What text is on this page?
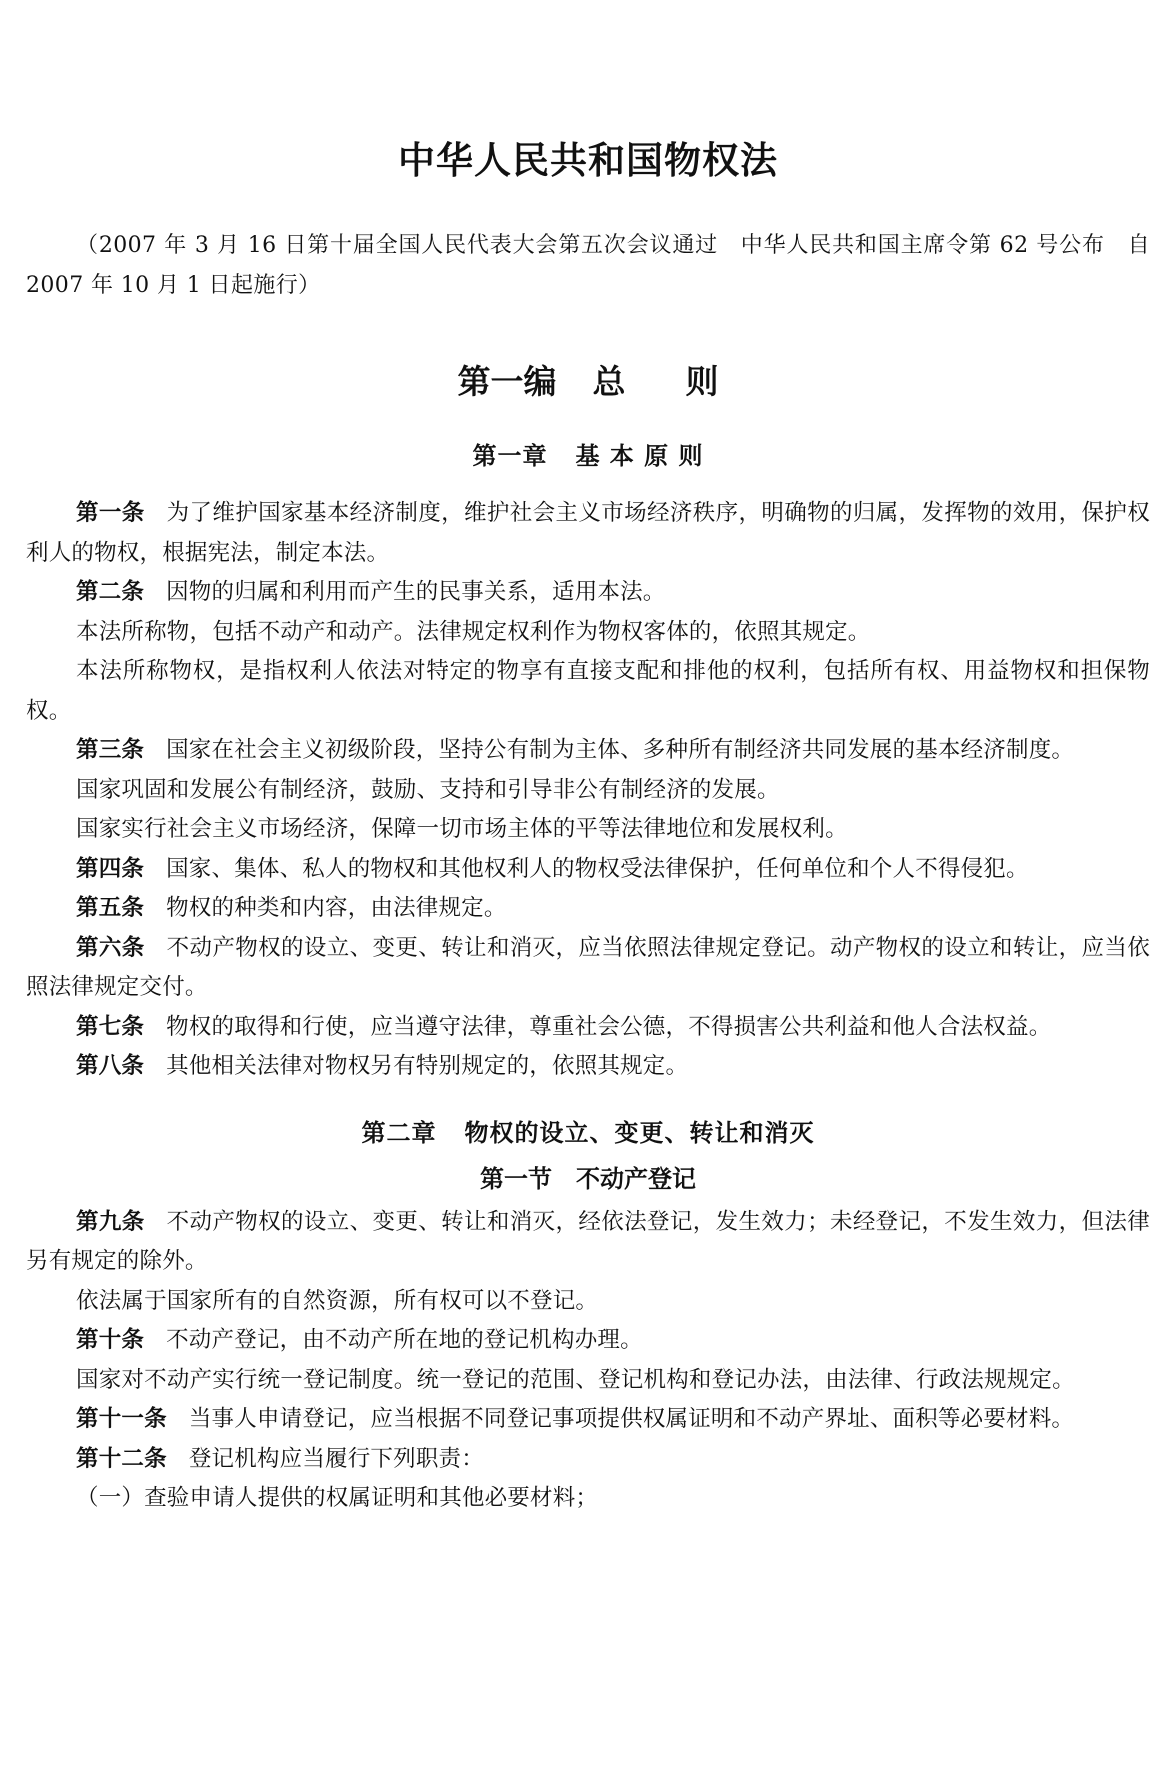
中华人民共和国物权法

（2007 年 3 月 16 日第十届全国人民代表大会第五次会议通过　中华人民共和国主席令第 62 号公布　自 2007 年 10 月 1 日起施行）

第一编 总 则
第一章 基 本 原 则

第一条 为了维护国家基本经济制度，维护社会主义市场经济秩序，明确物的归属，发挥物的效用，保护权利人的物权，根据宪法，制定本法。

第二条 因物的归属和利用而产生的民事关系，适用本法。

本法所称物，包括不动产和动产。法律规定权利作为物权客体的，依照其规定。

本法所称物权，是指权利人依法对特定的物享有直接支配和排他的权利，包括所有权、用益物权和担保物权。

第三条 国家在社会主义初级阶段，坚持公有制为主体、多种所有制经济共同发展的基本经济制度。

国家巩固和发展公有制经济，鼓励、支持和引导非公有制经济的发展。

国家实行社会主义市场经济，保障一切市场主体的平等法律地位和发展权利。

第四条 国家、集体、私人的物权和其他权利人的物权受法律保护，任何单位和个人不得侵犯。

第五条 物权的种类和内容，由法律规定。

第六条 不动产物权的设立、变更、转让和消灭，应当依照法律规定登记。动产物权的设立和转让，应当依照法律规定交付。

第七条 物权的取得和行使，应当遵守法律，尊重社会公德，不得损害公共利益和他人合法权益。

第八条 其他相关法律对物权另有特别规定的，依照其规定。

第二章 物权的设立、变更、转让和消灭
第一节 不动产登记

第九条 不动产物权的设立、变更、转让和消灭，经依法登记，发生效力；未经登记，不发生效力，但法律另有规定的除外。

依法属于国家所有的自然资源，所有权可以不登记。

第十条 不动产登记，由不动产所在地的登记机构办理。

国家对不动产实行统一登记制度。统一登记的范围、登记机构和登记办法，由法律、行政法规规定。

第十一条 当事人申请登记，应当根据不同登记事项提供权属证明和不动产界址、面积等必要材料。

第十二条 登记机构应当履行下列职责：

（一）查验申请人提供的权属证明和其他必要材料；
